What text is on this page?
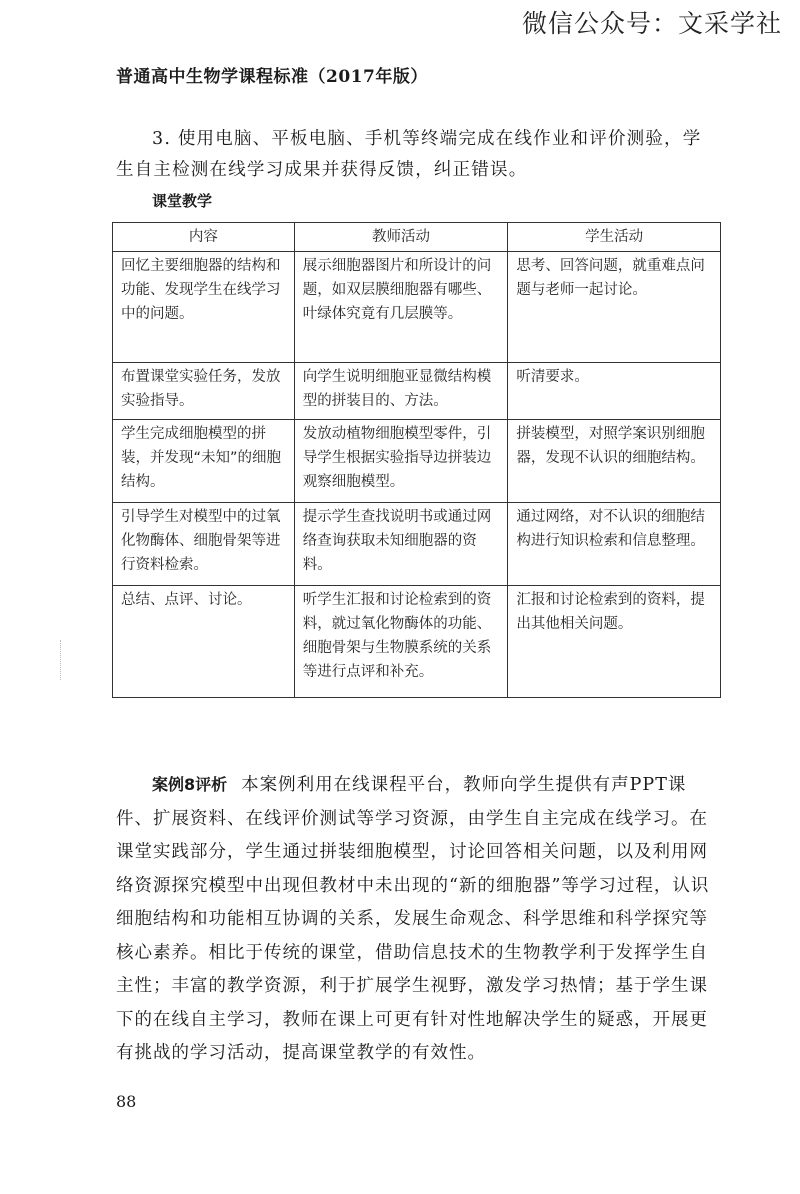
微信公众号：文采学社
普通高中生物学课程标准（2017年版）

3. 使用电脑、平板电脑、手机等终端完成在线作业和评价测验，学生自主检测在线学习成果并获得反馈，纠正错误。

课堂教学
内容	教师活动	学生活动
回忆主要细胞器的结构和功能、发现学生在线学习中的问题。	展示细胞器图片和所设计的问题，如双层膜细胞器有哪些、叶绿体究竟有几层膜等。	思考、回答问题，就重难点问题与老师一起讨论。
布置课堂实验任务，发放实验指导。	向学生说明细胞亚显微结构模型的拼装目的、方法。	听清要求。
学生完成细胞模型的拼装，并发现“未知”的细胞结构。	发放动植物细胞模型零件，引导学生根据实验指导边拼装边观察细胞模型。	拼装模型，对照学案识别细胞器，发现不认识的细胞结构。
引导学生对模型中的过氧化物酶体、细胞骨架等进行资料检索。	提示学生查找说明书或通过网络查询获取未知细胞器的资料。	通过网络，对不认识的细胞结构进行知识检索和信息整理。
总结、点评、讨论。	听学生汇报和讨论检索到的资料，就过氧化物酶体的功能、细胞骨架与生物膜系统的关系等进行点评和补充。	汇报和讨论检索到的资料，提出其他相关问题。

案例8评析 本案例利用在线课程平台，教师向学生提供有声PPT课件、扩展资料、在线评价测试等学习资源，由学生自主完成在线学习。在课堂实践部分，学生通过拼装细胞模型，讨论回答相关问题，以及利用网络资源探究模型中出现但教材中未出现的“新的细胞器”等学习过程，认识细胞结构和功能相互协调的关系，发展生命观念、科学思维和科学探究等核心素养。相比于传统的课堂，借助信息技术的生物教学利于发挥学生自主性；丰富的教学资源，利于扩展学生视野，激发学习热情；基于学生课下的在线自主学习，教师在课上可更有针对性地解决学生的疑惑，开展更有挑战的学习活动，提高课堂教学的有效性。

88
